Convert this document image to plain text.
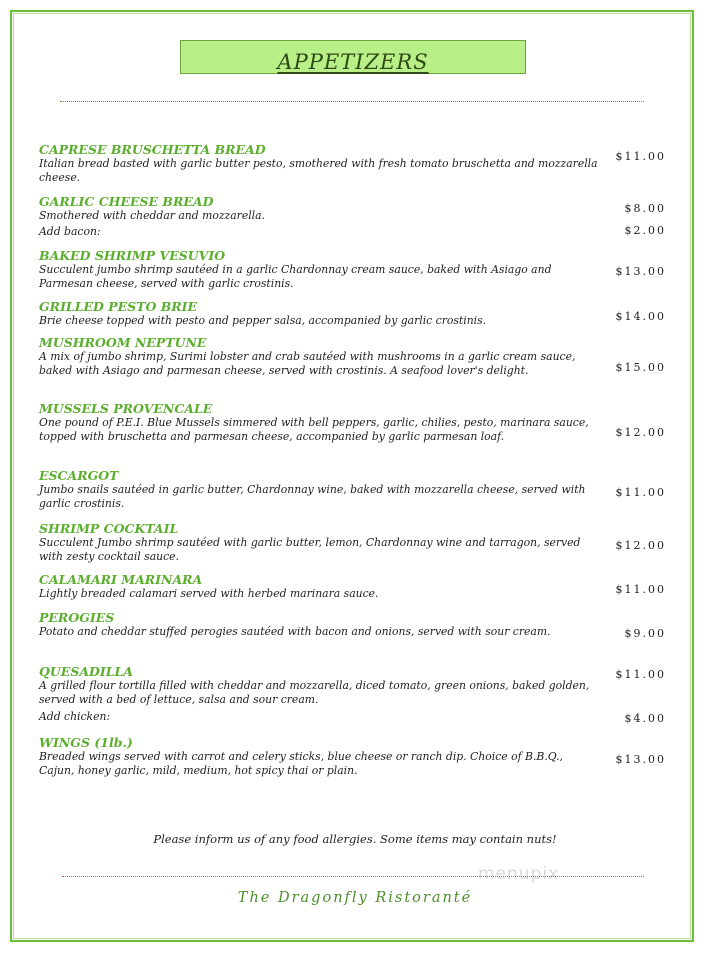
APPETIZERS
CAPRESE BRUSCHETTA BREAD
Italian bread basted with garlic butter pesto, smothered with fresh tomato bruschetta and mozzarella cheese.
$11.00
GARLIC CHEESE BREAD
Smothered with cheddar and mozzarella.
$8.00
Add bacon:	$2.00
BAKED SHRIMP VESUVIO
Succulent jumbo shrimp sautéed in a garlic Chardonnay cream sauce, baked with Asiago and Parmesan cheese, served with garlic crostinis.
$13.00
GRILLED PESTO BRIE
Brie cheese topped with pesto and pepper salsa, accompanied by garlic crostinis.	$14.00
MUSHROOM NEPTUNE
A mix of jumbo shrimp, Surimi lobster and crab sautéed with mushrooms in a garlic cream sauce, baked with Asiago and parmesan cheese, served with crostinis. A seafood lover's delight.	$15.00
MUSSELS PROVENCALE
One pound of P.E.I. Blue Mussels simmered with bell peppers, garlic, chilies, pesto, marinara sauce, topped with bruschetta and parmesan cheese, accompanied by garlic parmesan loaf.	$12.00
ESCARGOT
Jumbo snails sautéed in garlic butter, Chardonnay wine, baked with mozzarella cheese, served with garlic crostinis.
$11.00
SHRIMP COCKTAIL
Succulent Jumbo shrimp sautéed with garlic butter, lemon, Chardonnay wine and tarragon, served with zesty cocktail sauce.
$12.00
CALAMARI MARINARA
Lightly breaded calamari served with herbed marinara sauce.	$11.00
PEROGIES
Potato and cheddar stuffed perogies sautéed with bacon and onions, served with sour cream.	$9.00
QUESADILLA
A grilled flour tortilla filled with cheddar and mozzarella, diced tomato, green onions, baked golden, served with a bed of lettuce, salsa and sour cream.
$11.00
Add chicken:	$4.00
WINGS (1lb.)
Breaded wings served with carrot and celery sticks, blue cheese or ranch dip. Choice of B.B.Q., Cajun, honey garlic, mild, medium, hot spicy thai or plain.
$13.00
Please inform us of any food allergies. Some items may contain nuts!
menupix
The Dragonfly Ristoranté
